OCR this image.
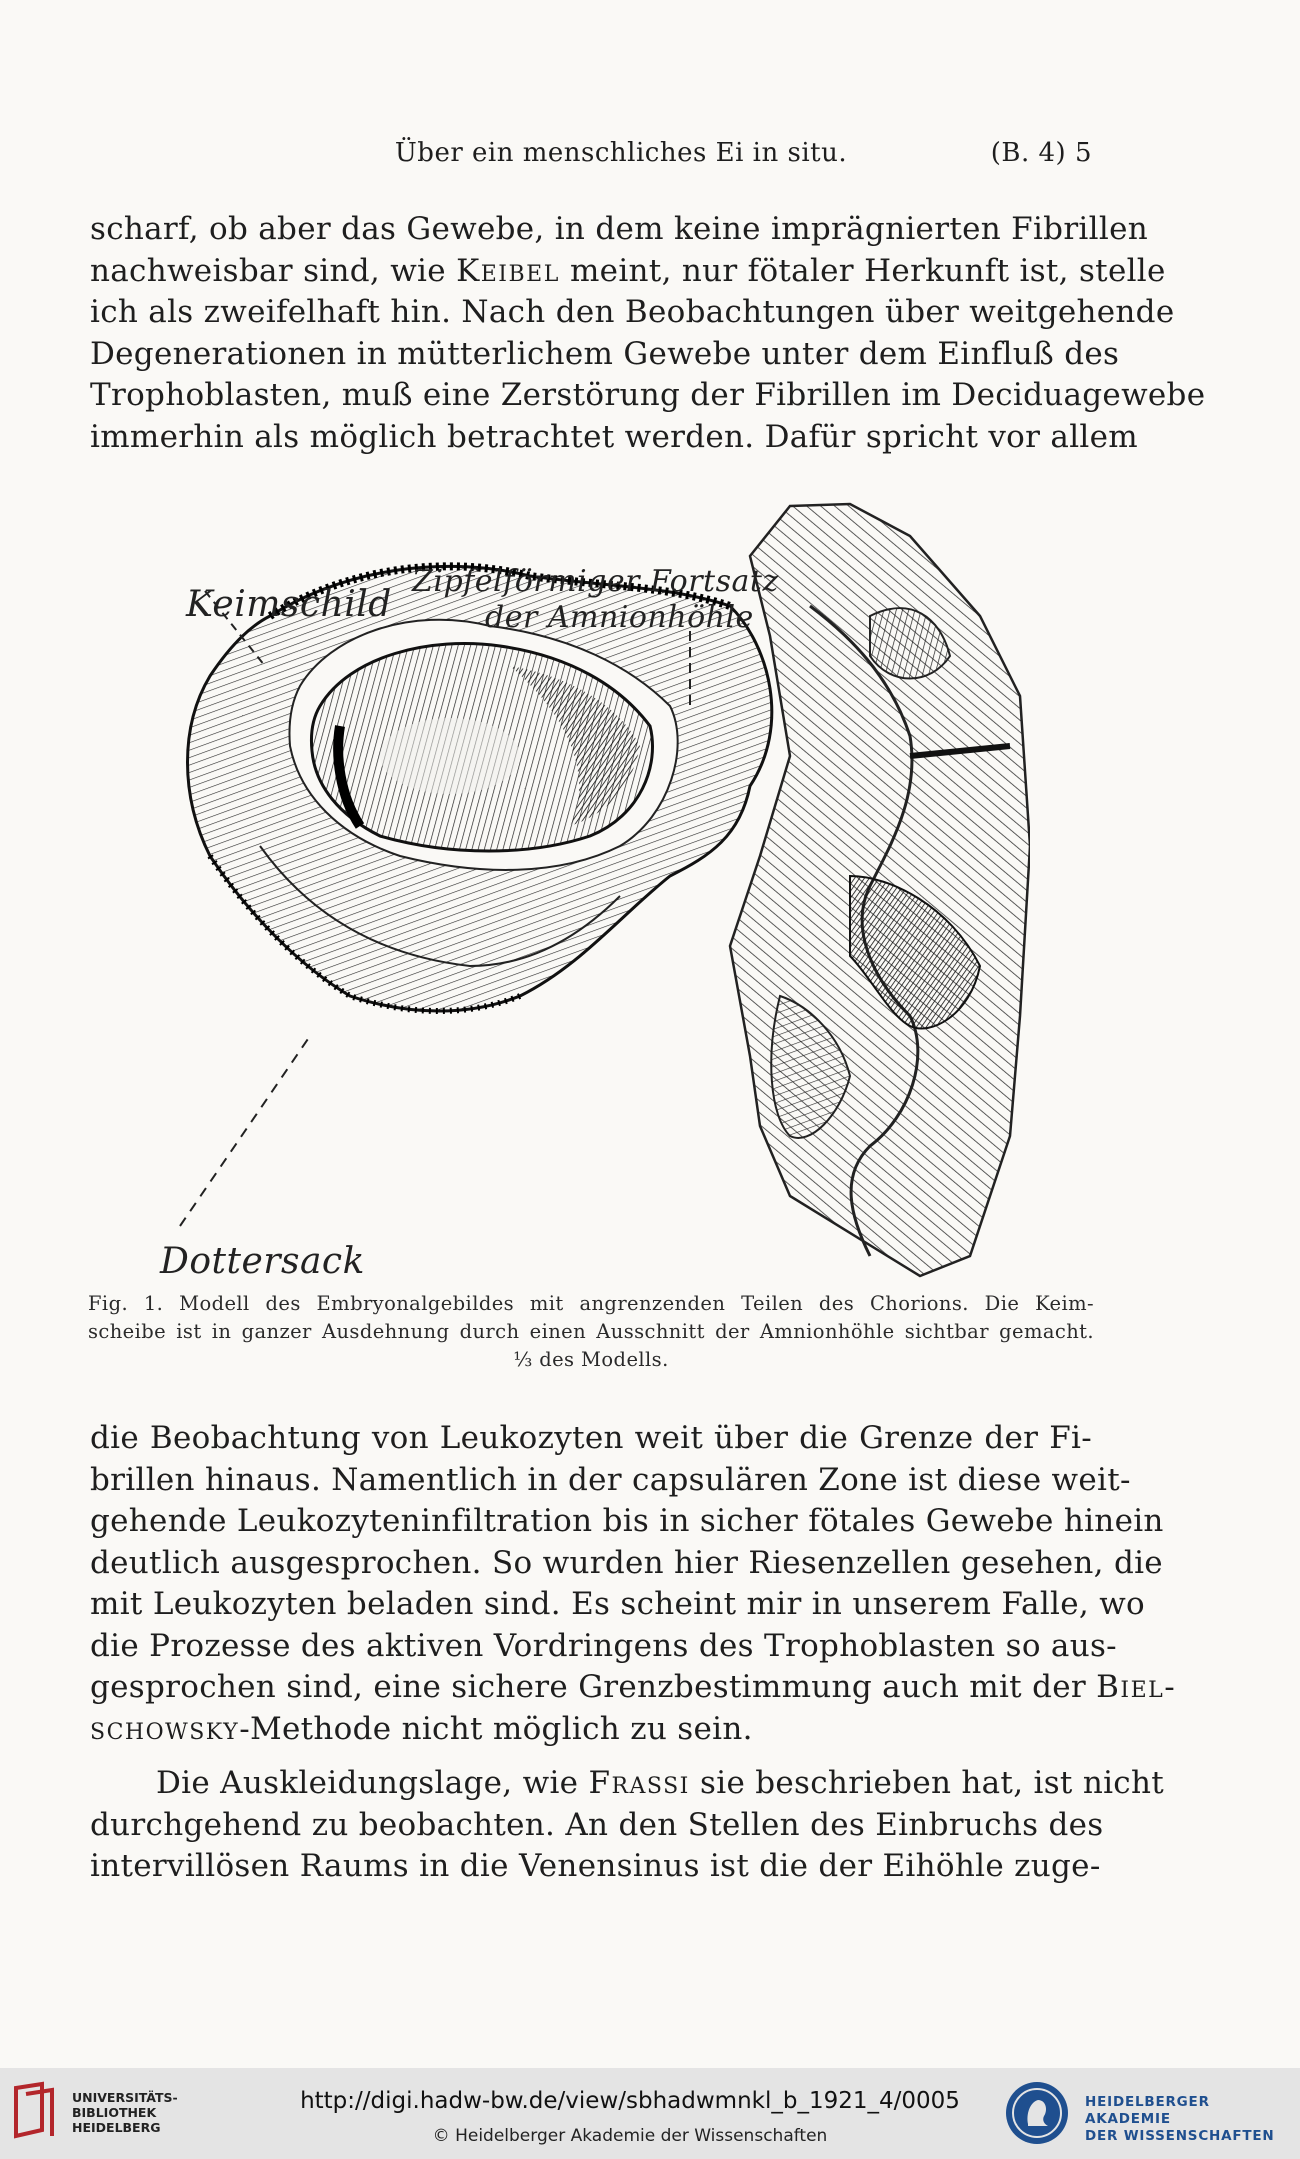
Über ein menschliches Ei in situ.	(B. 4) 5
scharf, ob aber das Gewebe, in dem keine imprägnierten Fibrillen
nachweisbar sind, wie Keibel meint, nur fötaler Herkunft ist, stelle
ich als zweifelhaft hin. Nach den Beobachtungen über weitgehende
Degenerationen in mütterlichem Gewebe unter dem Einfluß des
Trophoblasten, muß eine Zerstörung der Fibrillen im Deciduagewebe
immerhin als möglich betrachtet werden. Dafür spricht vor allem
Keimschild
Zipfelförmiger Fortsatz
der Amnionhöhle
Dottersack
Fig. 1. Modell des Embryonalgebildes mit angrenzenden Teilen des Chorions. Die Keim-
scheibe ist in ganzer Ausdehnung durch einen Ausschnitt der Amnionhöhle sichtbar gemacht.
⅓ des Modells.
die Beobachtung von Leukozyten weit über die Grenze der Fi-
brillen hinaus. Namentlich in der capsulären Zone ist diese weit-
gehende Leukozyteninfiltration bis in sicher fötales Gewebe hinein
deutlich ausgesprochen. So wurden hier Riesenzellen gesehen, die
mit Leukozyten beladen sind. Es scheint mir in unserem Falle, wo
die Prozesse des aktiven Vordringens des Trophoblasten so aus-
gesprochen sind, eine sichere Grenzbestimmung auch mit der Biel-
schowsky-Methode nicht möglich zu sein.
Die Auskleidungslage, wie Frassi sie beschrieben hat, ist nicht
durchgehend zu beobachten. An den Stellen des Einbruchs des
intervillösen Raums in die Venensinus ist die der Eihöhle zuge-
UNIVERSITÄTS-
BIBLIOTHEK
HEIDELBERG
http://digi.hadw-bw.de/view/sbhadwmnkl_b_1921_4/0005
© Heidelberger Akademie der Wissenschaften
HEIDELBERGER AKADEMIE
DER WISSENSCHAFTEN
